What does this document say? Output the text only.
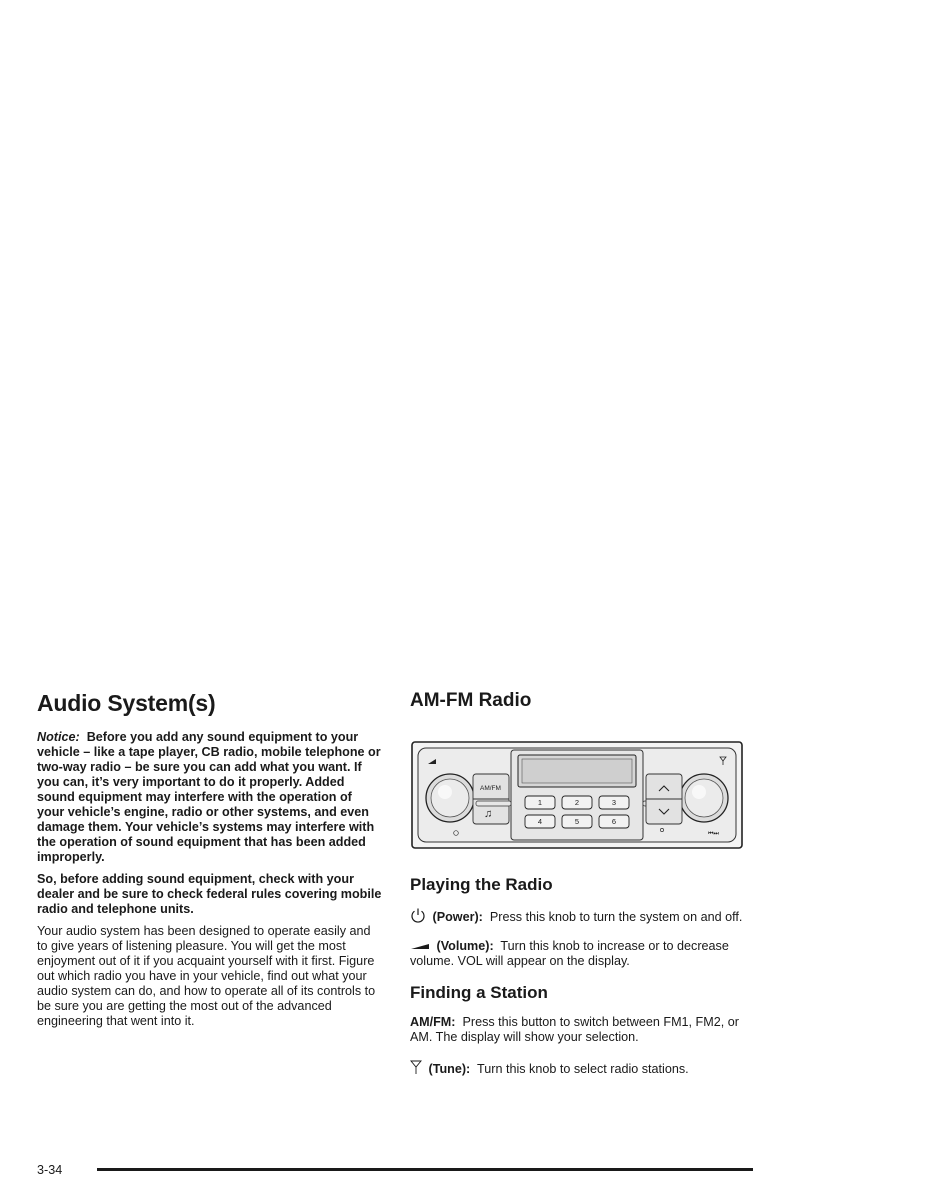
Audio System(s)

Notice: Before you add any sound equipment to your vehicle – like a tape player, CB radio, mobile telephone or two-way radio – be sure you can add what you want. If you can, it’s very important to do it properly. Added sound equipment may interfere with the operation of your vehicle’s engine, radio or other systems, and even damage them. Your vehicle’s systems may interfere with the operation of sound equipment that has been added improperly.

So, before adding sound equipment, check with your dealer and be sure to check federal rules covering mobile radio and telephone units.

Your audio system has been designed to operate easily and to give years of listening pleasure. You will get the most enjoyment out of it if you acquaint yourself with it first. Figure out which radio you have in your vehicle, find out what your audio system can do, and how to operate all of its controls to be sure you are getting the most out of the advanced engineering that went into it.

AM-FM Radio
AM/FM
♫
1	2	3
4	5	6
⏮⏭
Playing the Radio

(Power): Press this knob to turn the system on and off.

(Volume): Turn this knob to increase or to decrease volume. VOL will appear on the display.

Finding a Station

AM/FM: Press this button to switch between FM1, FM2, or AM. The display will show your selection.

(Tune): Turn this knob to select radio stations.

3-34
